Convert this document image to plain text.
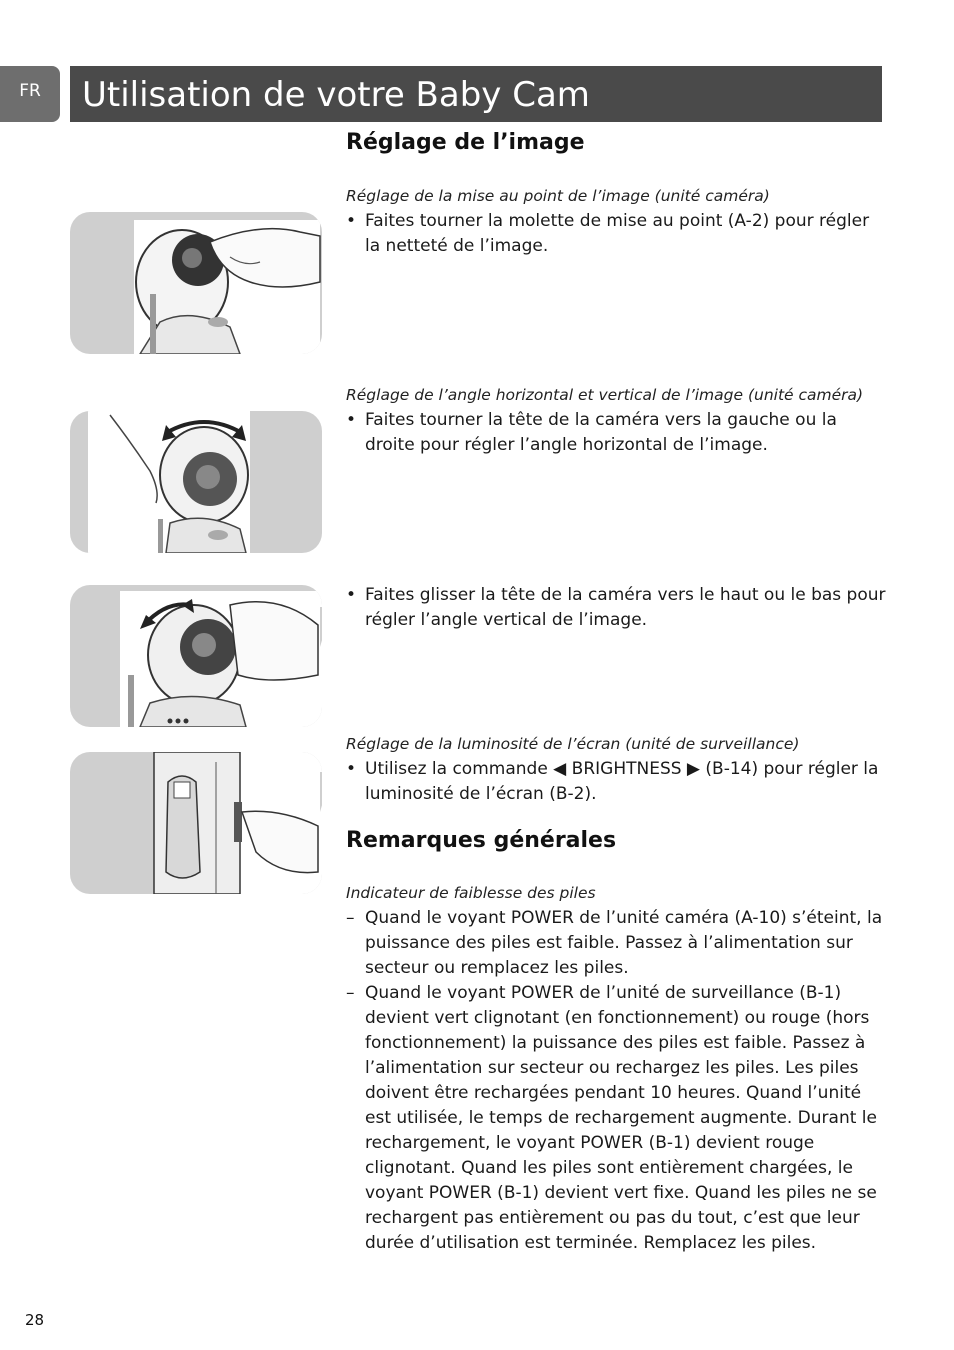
FR	Utilisation de votre Baby Cam
Réglage de l’image

Réglage de la mise au point de l’image (unité caméra)

• Faites tourner la molette de mise au point (A-2) pour régler la netteté de l’image.

Réglage de l’angle horizontal et vertical de l’image (unité caméra)

• Faites tourner la tête de la caméra vers la gauche ou la droite pour régler l’angle horizontal de l’image.

• Faites glisser la tête de la caméra vers le haut ou le bas pour régler l’angle vertical de l’image.

Réglage de la luminosité de l’écran (unité de surveillance)

• Utilisez la commande ◀ BRIGHTNESS ▶ (B-14) pour régler la luminosité de l’écran (B-2).

Remarques générales

Indicateur de faiblesse des piles

– Quand le voyant POWER de l’unité caméra (A-10) s’éteint, la puissance des piles est faible. Passez à l’alimentation sur secteur ou remplacez les piles.

– Quand le voyant POWER de l’unité de surveillance (B-1) devient vert clignotant (en fonctionnement) ou rouge (hors fonctionnement) la puissance des piles est faible. Passez à l’alimentation sur secteur ou rechargez les piles. Les piles doivent être rechargées pendant 10 heures. Quand l’unité est utilisée, le temps de rechargement augmente. Durant le rechargement, le voyant POWER (B-1) devient rouge clignotant. Quand les piles sont entièrement chargées, le voyant POWER (B-1) devient vert fixe. Quand les piles ne se rechargent pas entièrement ou pas du tout, c’est que leur durée d’utilisation est terminée. Remplacez les piles.

28
